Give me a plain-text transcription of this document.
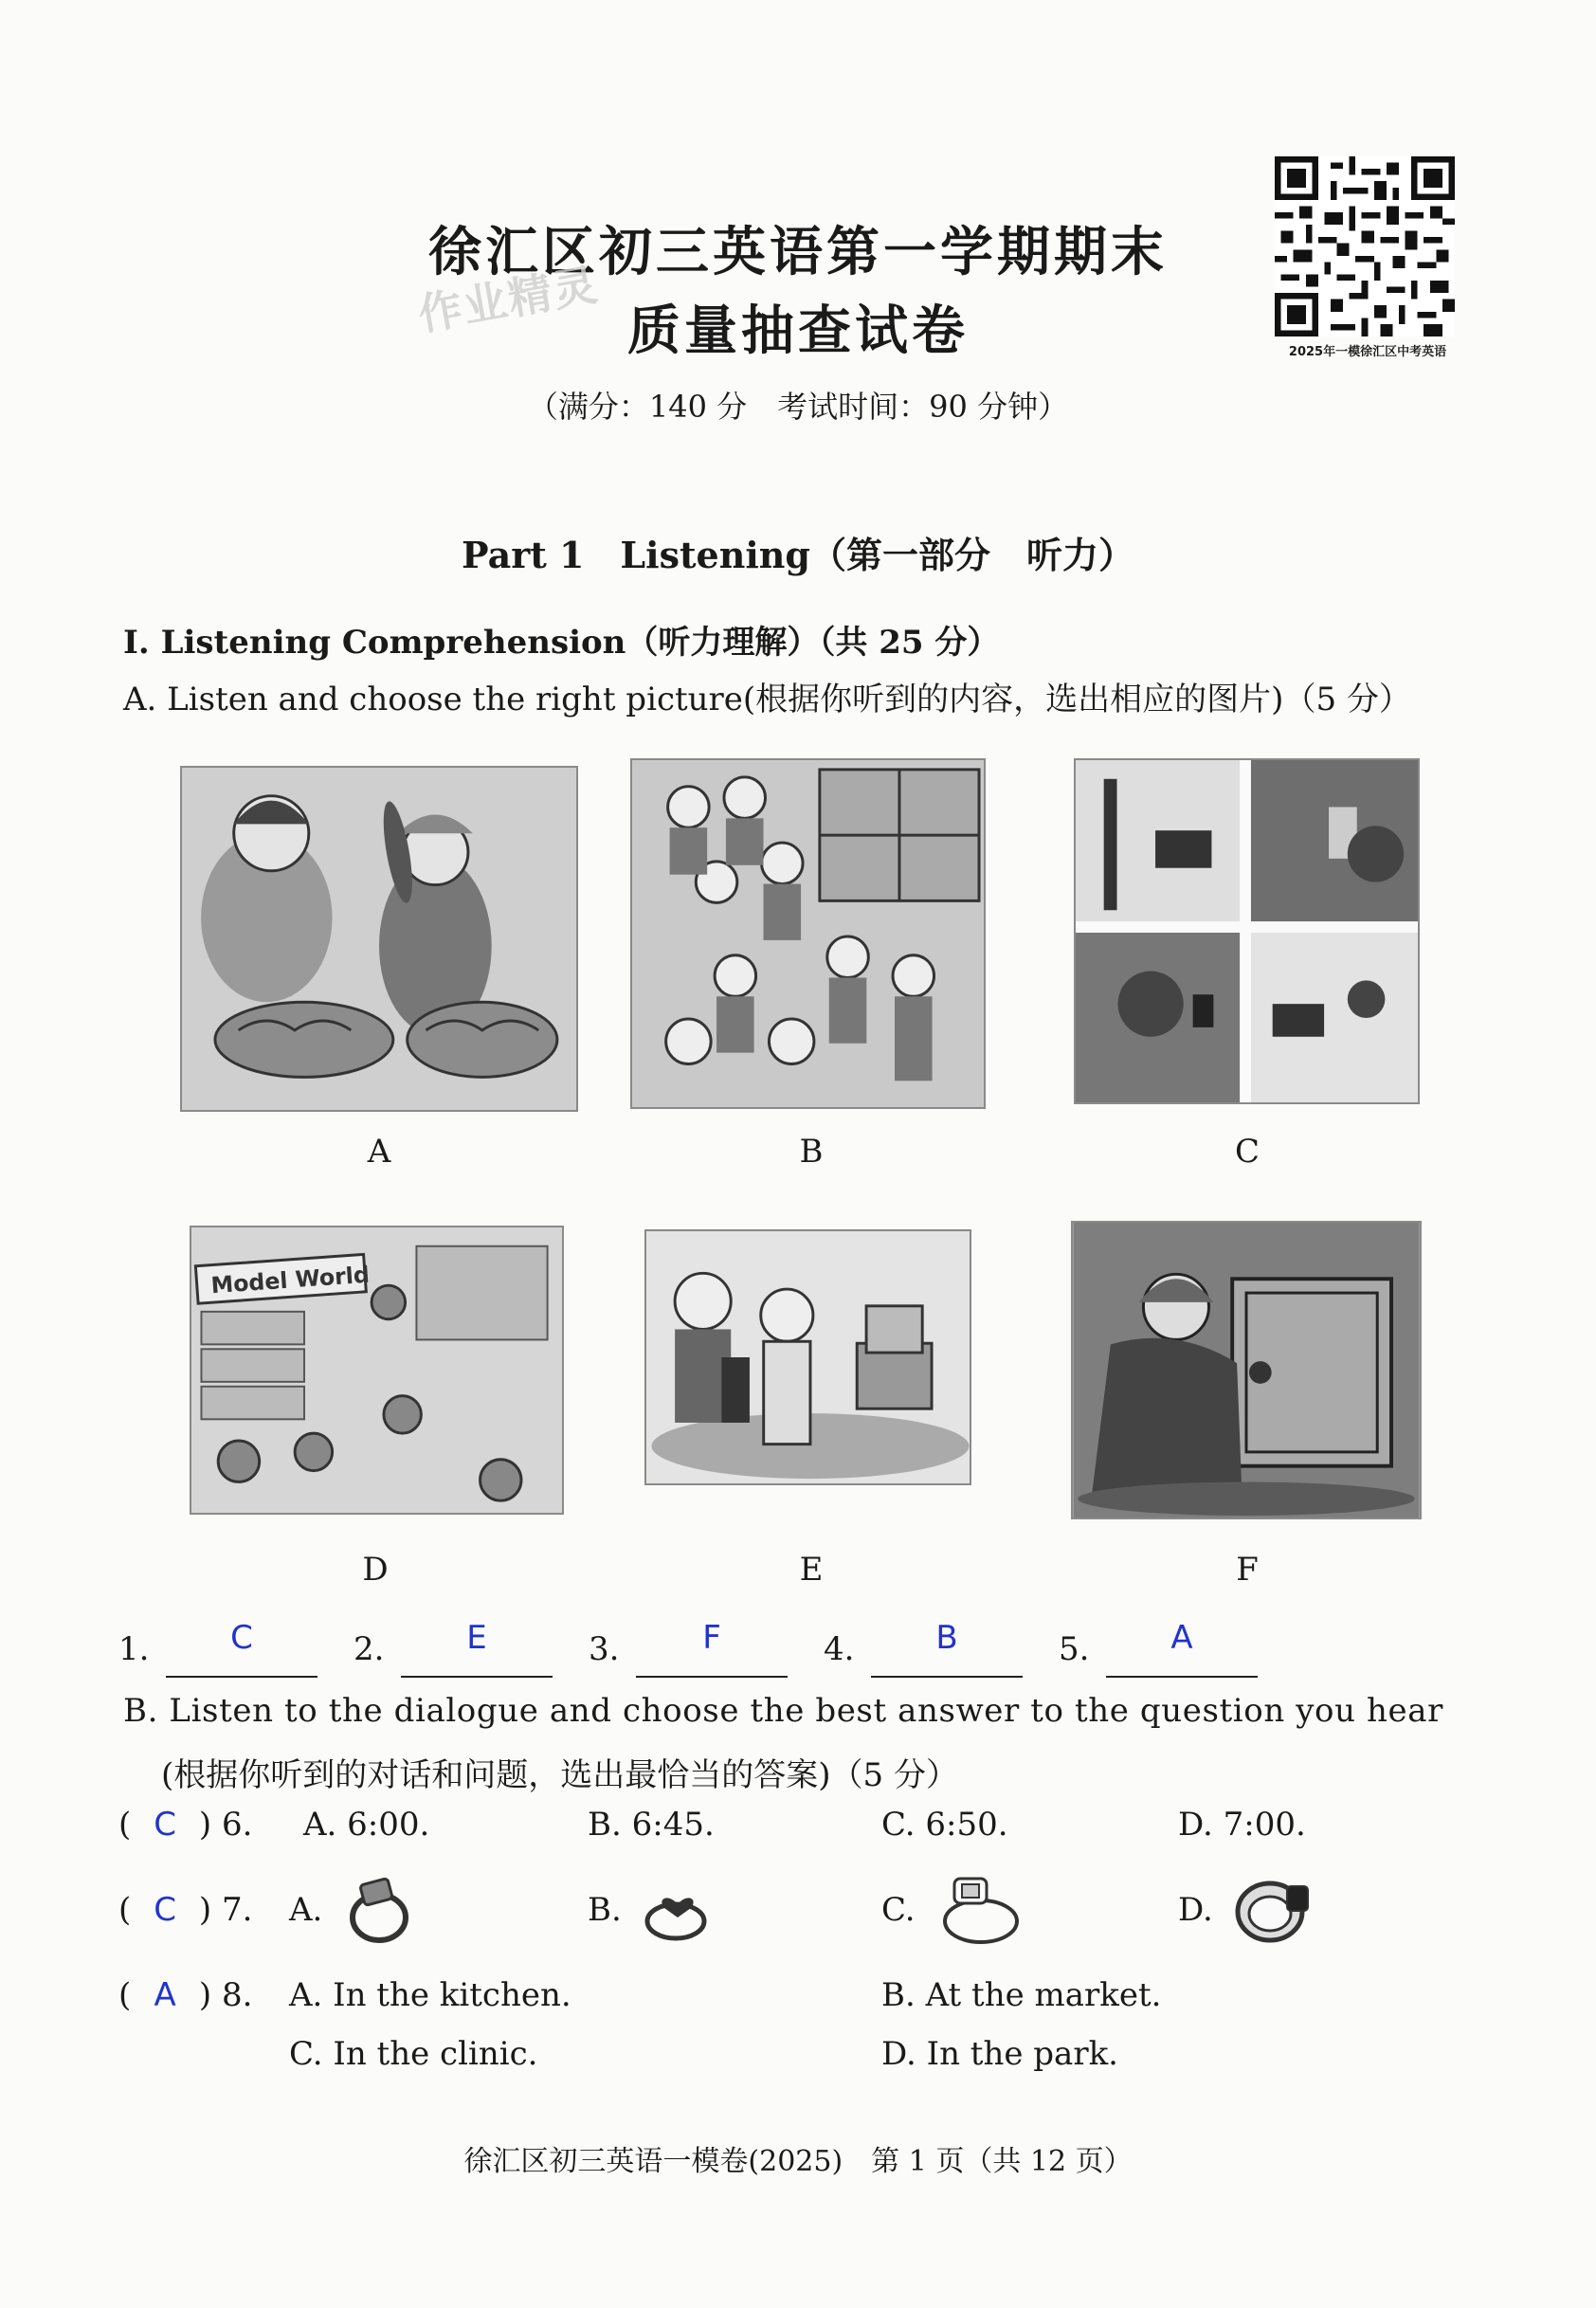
徐汇区初三英语第一学期期末
质量抽查试卷
作业精灵
（满分：140 分　考试时间：90 分钟）
2025年一模徐汇区中考英语
Part 1　Listening（第一部分　听力）
Ⅰ. Listening Comprehension（听力理解）（共 25 分）
A. Listen and choose the right picture(根据你听到的内容，选出相应的图片)（5 分）
A	B	C
Model World
D	E	F
1.	C	2.	E	3.	F	4.	B	5.	A
B. Listen to the dialogue and choose the best answer to the question you hear
(根据你听到的对话和问题，选出最恰当的答案)（5 分）
( C ) 6. A. 6:00.	B. 6:45.	C. 6:50.	D. 7:00.
( C ) 7. A.	B.	C.	D.
( A ) 8. A. In the kitchen.	B. At the market.
C. In the clinic.	D. In the park.
徐汇区初三英语一模卷(2025)　第 1 页（共 12 页）
